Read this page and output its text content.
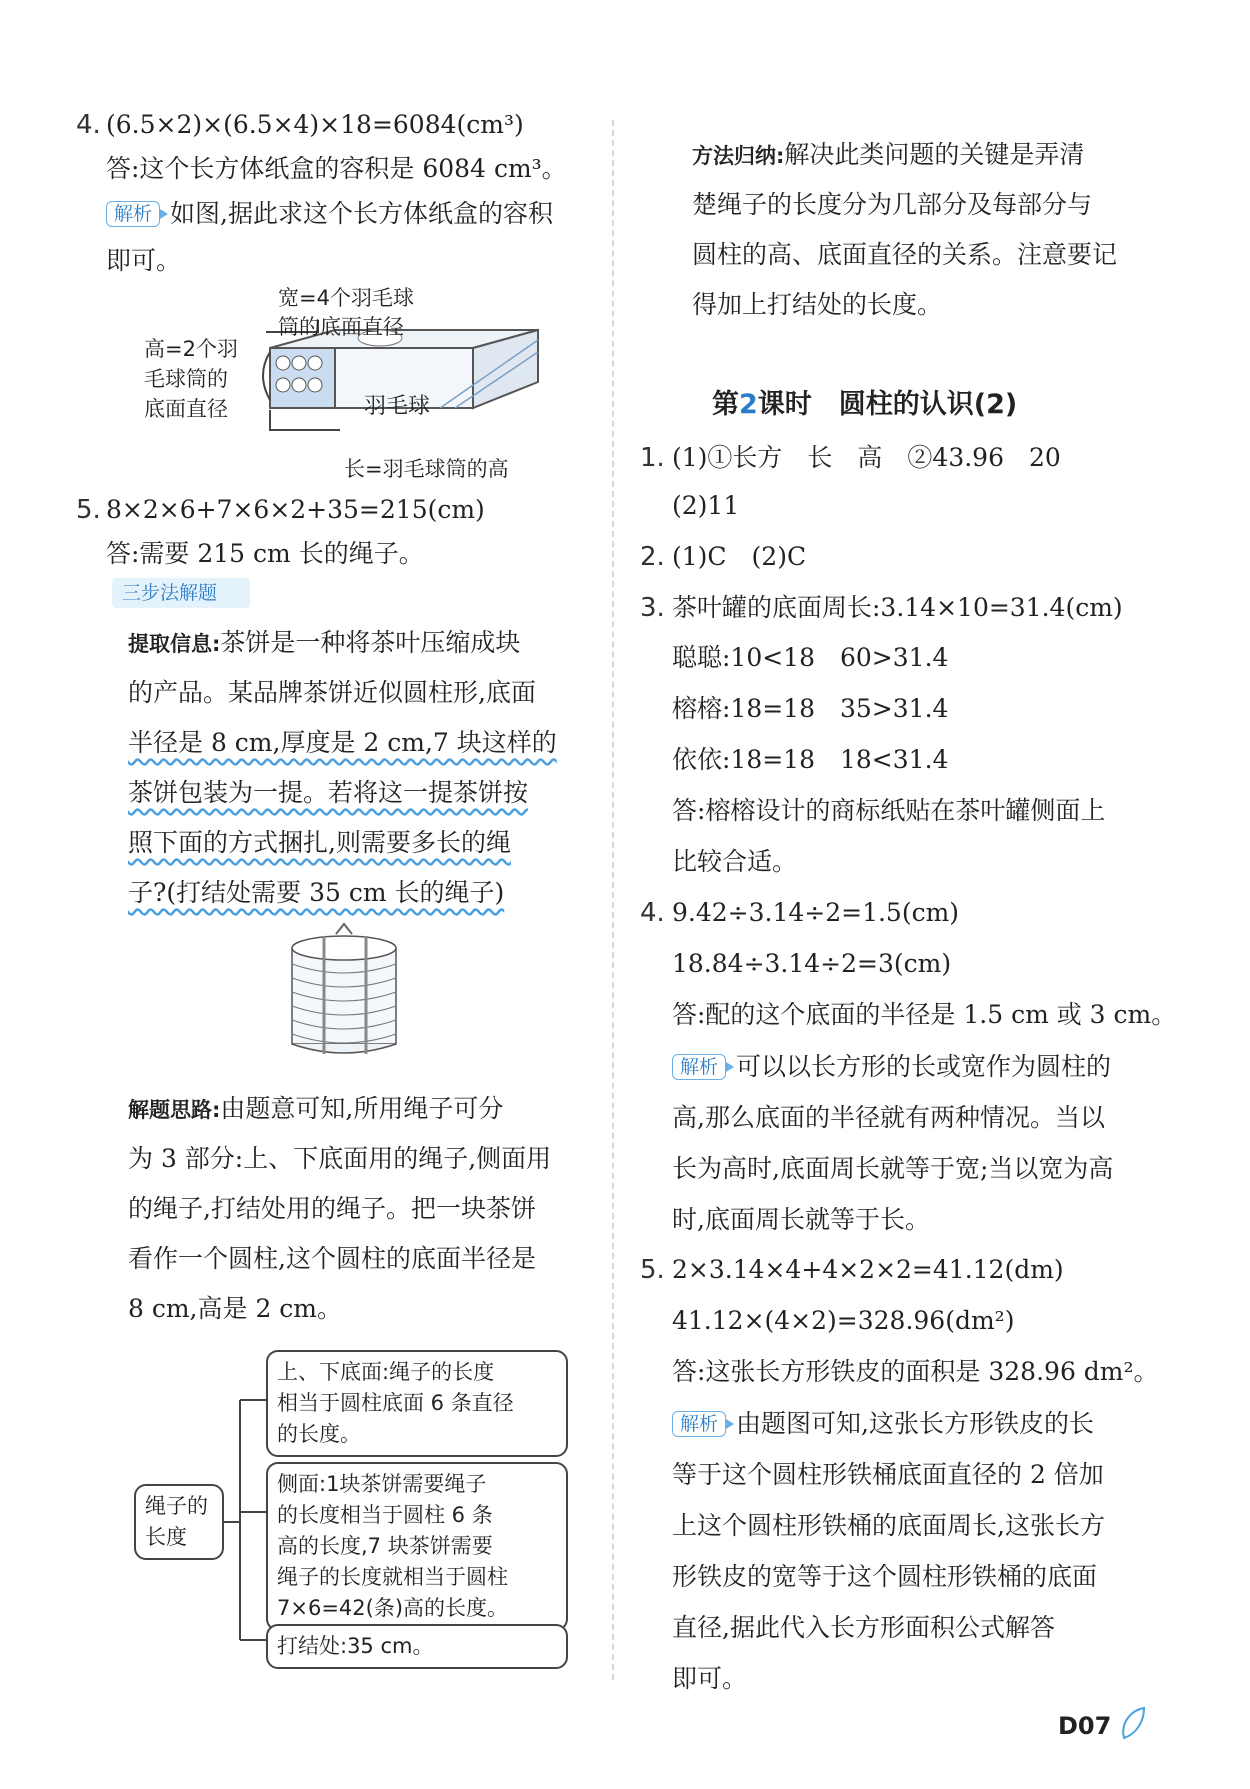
4. (6.5×2)×(6.5×4)×18=6084(cm³)
答:这个长方体纸盒的容积是 6084 cm³。
解析 如图,据此求这个长方体纸盒的容积
即可。
宽=4个羽毛球
筒的底面直径
高=2个羽
毛球筒的
底面直径	羽毛球
长=羽毛球筒的高
5. 8×2×6+7×6×2+35=215(cm)
答:需要 215 cm 长的绳子。
三步法解题
提取信息:茶饼是一种将茶叶压缩成块
的产品。某品牌茶饼近似圆柱形,底面
半径是 8 cm,厚度是 2 cm,7 块这样的
茶饼包装为一提。若将这一提茶饼按
照下面的方式捆扎,则需要多长的绳
子?(打结处需要 35 cm 长的绳子)
解题思路:由题意可知,所用绳子可分
为 3 部分:上、下底面用的绳子,侧面用
的绳子,打结处用的绳子。把一块茶饼
看作一个圆柱,这个圆柱的底面半径是
8 cm,高是 2 cm。
绳子的
长度
上、下底面:绳子的长度
相当于圆柱底面 6 条直径
的长度。
侧面:1块茶饼需要绳子
的长度相当于圆柱 6 条
高的长度,7 块茶饼需要
绳子的长度就相当于圆柱
7×6=42(条)高的长度。
打结处:35 cm。
方法归纳:解决此类问题的关键是弄清
楚绳子的长度分为几部分及每部分与
圆柱的高、底面直径的关系。注意要记
得加上打结处的长度。
第2课时　圆柱的认识(2)
1. (1)①长方　长　高　②43.96　20
(2)11
2. (1)C　(2)C
3. 茶叶罐的底面周长:3.14×10=31.4(cm)
聪聪:10<18　60>31.4
榕榕:18=18　35>31.4
依依:18=18　18<31.4
答:榕榕设计的商标纸贴在茶叶罐侧面上
比较合适。
4. 9.42÷3.14÷2=1.5(cm)
18.84÷3.14÷2=3(cm)
答:配的这个底面的半径是 1.5 cm 或 3 cm。
解析 可以以长方形的长或宽作为圆柱的
高,那么底面的半径就有两种情况。当以
长为高时,底面周长就等于宽;当以宽为高
时,底面周长就等于长。
5. 2×3.14×4+4×2×2=41.12(dm)
41.12×(4×2)=328.96(dm²)
答:这张长方形铁皮的面积是 328.96 dm²。
解析 由题图可知,这张长方形铁皮的长
等于这个圆柱形铁桶底面直径的 2 倍加
上这个圆柱形铁桶的底面周长,这张长方
形铁皮的宽等于这个圆柱形铁桶的底面
直径,据此代入长方形面积公式解答
即可。
D07
